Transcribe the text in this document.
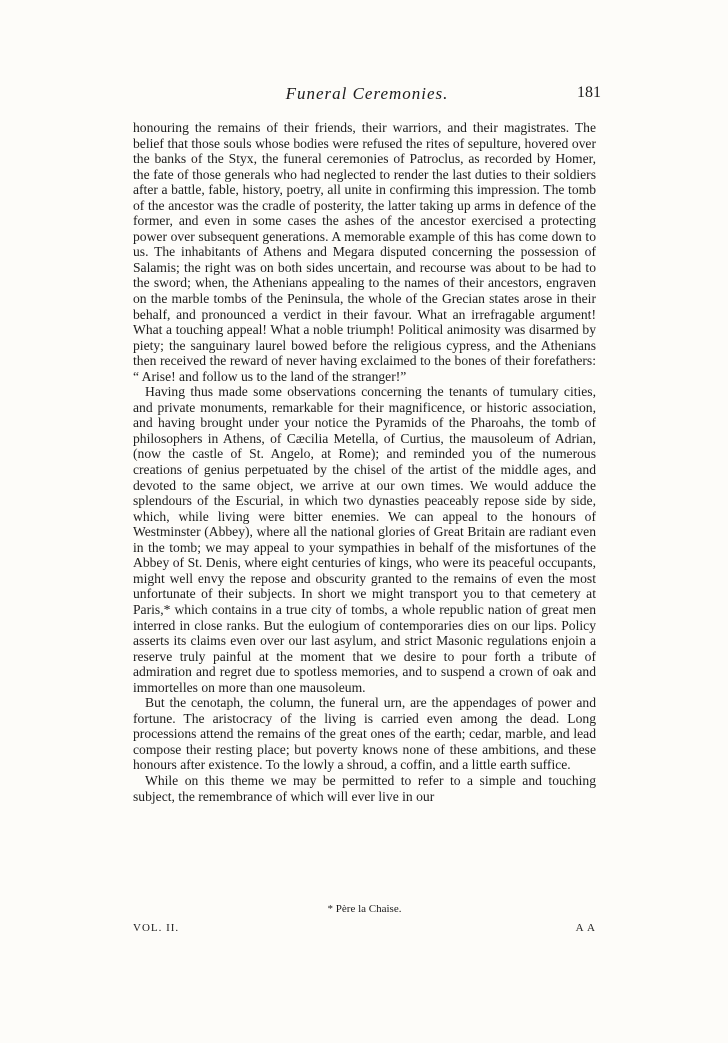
Funeral Ceremonies.	181

honouring the remains of their friends, their warriors, and their magistrates. The belief that those souls whose bodies were refused the rites of sepulture, hovered over the banks of the Styx, the funeral ceremonies of Patroclus, as recorded by Homer, the fate of those generals who had neglected to render the last duties to their soldiers after a battle, fable, history, poetry, all unite in confirming this impression. The tomb of the ancestor was the cradle of posterity, the latter taking up arms in defence of the former, and even in some cases the ashes of the ancestor exercised a protecting power over subsequent generations. A memorable example of this has come down to us. The inhabitants of Athens and Megara disputed concerning the possession of Salamis; the right was on both sides uncertain, and recourse was about to be had to the sword; when, the Athenians appealing to the names of their ancestors, engraven on the marble tombs of the Peninsula, the whole of the Grecian states arose in their behalf, and pronounced a verdict in their favour. What an irrefragable argument! What a touching appeal! What a noble triumph! Political animosity was disarmed by piety; the sanguinary laurel bowed before the religious cypress, and the Athenians then received the reward of never having exclaimed to the bones of their forefathers: “ Arise! and follow us to the land of the stranger!”

Having thus made some observations concerning the tenants of tumulary cities, and private monuments, remarkable for their magnificence, or historic association, and having brought under your notice the Pyramids of the Pharoahs, the tomb of philosophers in Athens, of Cæcilia Metella, of Curtius, the mausoleum of Adrian, (now the castle of St. Angelo, at Rome); and reminded you of the numerous creations of genius perpetuated by the chisel of the artist of the middle ages, and devoted to the same object, we arrive at our own times. We would adduce the splendours of the Escurial, in which two dynasties peaceably repose side by side, which, while living were bitter enemies. We can appeal to the honours of Westminster (Abbey), where all the national glories of Great Britain are radiant even in the tomb; we may appeal to your sympathies in behalf of the misfortunes of the Abbey of St. Denis, where eight centuries of kings, who were its peaceful occupants, might well envy the repose and obscurity granted to the remains of even the most unfortunate of their subjects. In short we might transport you to that cemetery at Paris,* which contains in a true city of tombs, a whole republic nation of great men interred in close ranks. But the eulogium of contemporaries dies on our lips. Policy asserts its claims even over our last asylum, and strict Masonic regulations enjoin a reserve truly painful at the moment that we desire to pour forth a tribute of admiration and regret due to spotless memories, and to suspend a crown of oak and immortelles on more than one mausoleum.

But the cenotaph, the column, the funeral urn, are the appendages of power and fortune. The aristocracy of the living is carried even among the dead. Long processions attend the remains of the great ones of the earth; cedar, marble, and lead compose their resting place; but poverty knows none of these ambitions, and these honours after existence. To the lowly a shroud, a coffin, and a little earth suffice.

While on this theme we may be permitted to refer to a simple and touching subject, the remembrance of which will ever live in our

* Père la Chaise.
VOL. II.	A A
